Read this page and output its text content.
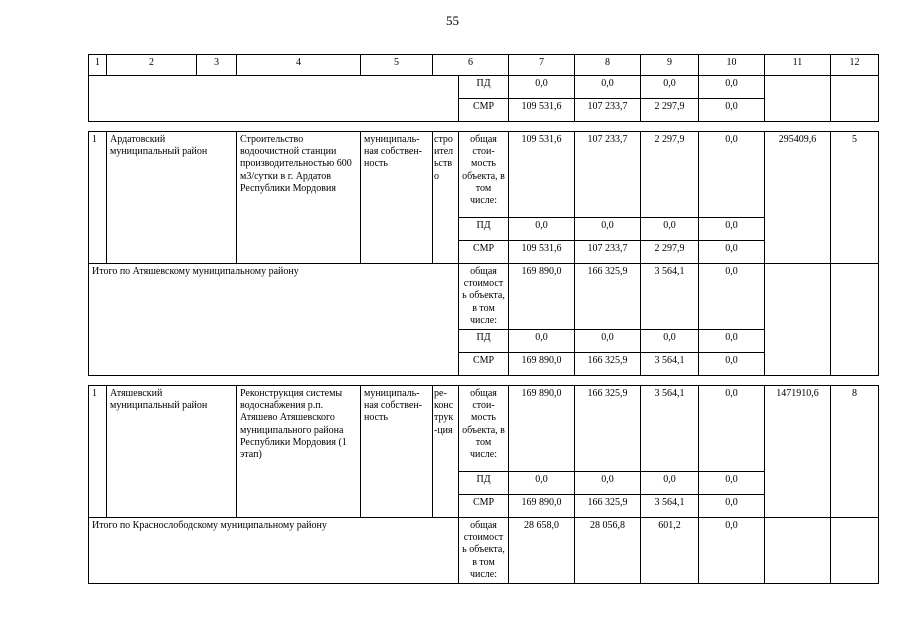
55
1	2	3	4	5	6		7	8	9	10	11	12
						ПД	0,0	0,0	0,0	0,0		
						СМР	109 531,6	107 233,7	2 297,9	0,0		

1	Ардатовский муниципальный район		Строительство водоочистной станции производительностью 600 м3/сутки в г. Ардатов Республики Мордовия	муниципаль-ная собствен-ность	строительство	общая стои-мость объекта, в том числе:	109 531,6	107 233,7	2 297,9	0,0	295409,6	5
						ПД	0,0	0,0	0,0	0,0		
						СМР	109 531,6	107 233,7	2 297,9	0,0		
Итого по Атяшевскому муниципальному району						общая стоимость объекта, в том числе:	169 890,0	166 325,9	3 564,1	0,0		
						ПД	0,0	0,0	0,0	0,0		
						СМР	169 890,0	166 325,9	3 564,1	0,0		

1	Атяшевский муниципальный район		Реконструкция системы водоснабжения р.п. Атяшево Атяшевского муниципального района Республики Мордовия (1 этап)	муниципаль-ная собствен-ность	ре-конс трук -ция	общая стои-мость объекта, в том числе:	169 890,0	166 325,9	3 564,1	0,0	1471910,6	8
						ПД	0,0	0,0	0,0	0,0		
						СМР	169 890,0	166 325,9	3 564,1	0,0		
Итого по Краснослободскому муниципальному району						общая стоимость объекта, в том числе:	28 658,0	28 056,8	601,2	0,0		
